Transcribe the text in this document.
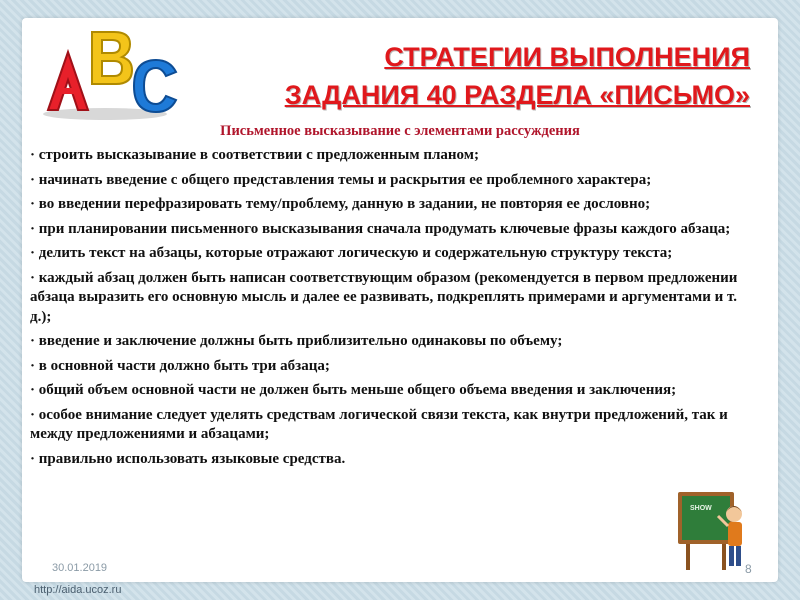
СТРАТЕГИИ ВЫПОЛНЕНИЯ
ЗАДАНИЯ 40 РАЗДЕЛА «ПИСЬМО»
Письменное высказывание с элементами рассуждения

· строить высказывание в соответствии с предложенным планом;

· начинать введение с общего представления темы и раскрытия ее проблемного характера;

· во введении перефразировать тему/проблему, данную в задании, не повторяя ее дословно;

· при планировании письменного высказывания сначала продумать ключевые фразы каждого абзаца;

· делить текст на абзацы, которые отражают логическую и содержательную структуру текста;

· каждый абзац должен быть написан соответствующим образом (рекомендуется в первом предложении абзаца выразить его основную мысль и далее ее развивать, подкреплять примерами и аргументами и т. д.);

· введение и заключение должны быть приблизительно одинаковы по объему;

· в основной части должно быть три абзаца;

· общий объем основной части не должен быть меньше общего объема введения и заключения;

· особое внимание следует уделять средствам логической связи текста, как внутри предложений, так и между предложениями и абзацами;

· правильно использовать языковые средства.

SHOW
30.01.2019	8
http://aida.ucoz.ru
